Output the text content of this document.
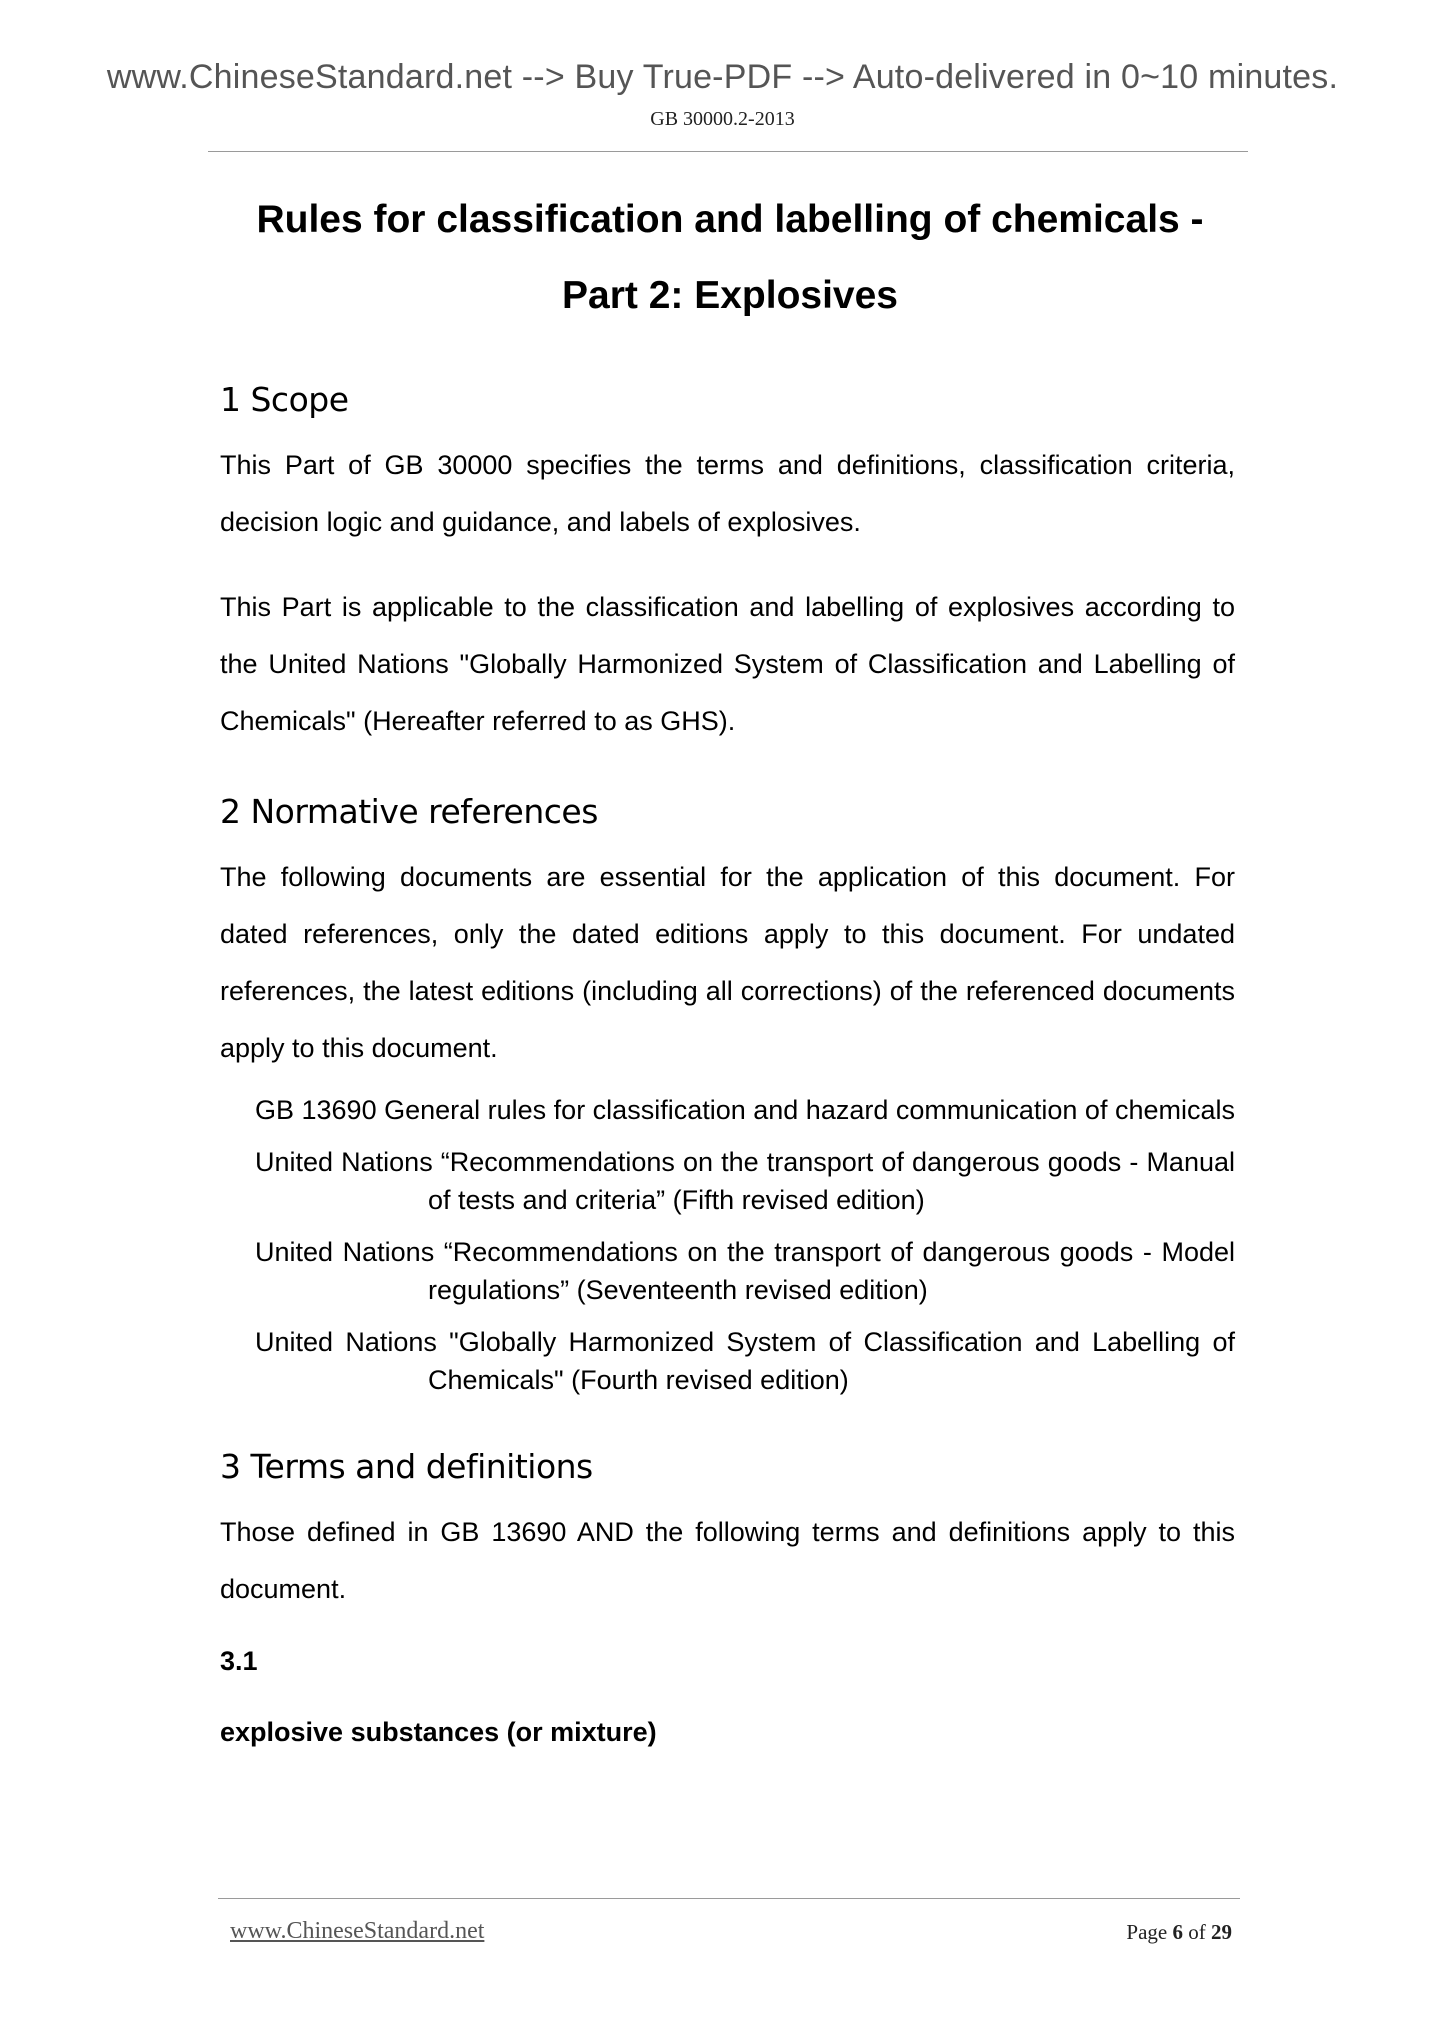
www.ChineseStandard.net --> Buy True-PDF --> Auto-delivered in 0~10 minutes.
GB 30000.2-2013
Rules for classification and labelling of chemicals -
Part 2: Explosives
1 Scope

This Part of GB 30000 specifies the terms and definitions, classification criteria, decision logic and guidance, and labels of explosives.

This Part is applicable to the classification and labelling of explosives according to the United Nations "Globally Harmonized System of Classification and Labelling of Chemicals" (Hereafter referred to as GHS).

2 Normative references

The following documents are essential for the application of this document. For dated references, only the dated editions apply to this document. For undated references, the latest editions (including all corrections) of the referenced documents apply to this document.

GB 13690 General rules for classification and hazard communication of chemicals

United Nations “Recommendations on the transport of dangerous goods - Manual of tests and criteria” (Fifth revised edition)

United Nations “Recommendations on the transport of dangerous goods - Model regulations” (Seventeenth revised edition)

United Nations "Globally Harmonized System of Classification and Labelling of Chemicals" (Fourth revised edition)

3 Terms and definitions

Those defined in GB 13690 AND the following terms and definitions apply to this document.

3.1

explosive substances (or mixture)

www.ChineseStandard.net	Page 6 of 29
